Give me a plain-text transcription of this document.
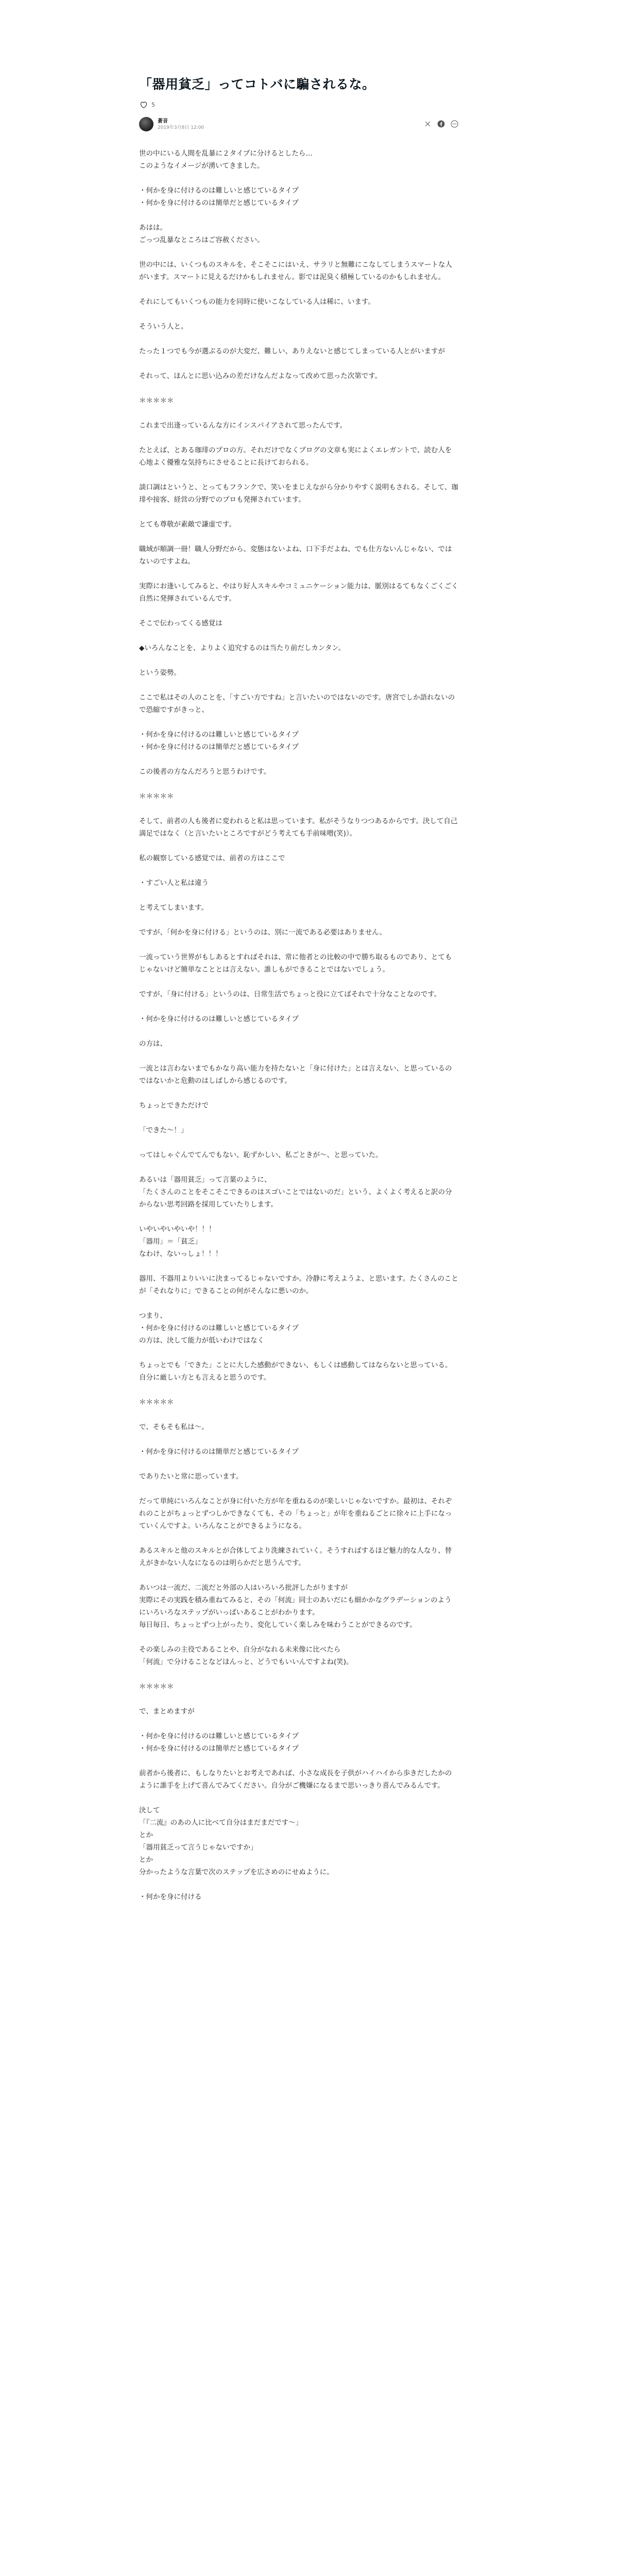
「器用貧乏」ってコトバに騙されるな。
5
蒼音
2019年3月8日 12:00

世の中にいる人間を乱暴に２タイプに分けるとしたら…
このようなイメージが湧いてきました。

・何かを身に付けるのは難しいと感じているタイプ
・何かを身に付けるのは簡単だと感じているタイプ

あはは。
ごっつ乱暴なところはご容赦ください。

世の中には、いくつものスキルを、そこそこにはいえ、サラリと無難にこなしてしまうスマートな人がいます。スマートに見えるだけかもしれません。影では泥臭く積極しているのかもしれません。

それにしてもいくつもの能力を同時に使いこなしている人は稀に、います。

そういう人と。

たった１つでも今が選ぶるのが大変だ、難しい、ありえないと感じてしまっている人とがいますが

それって、ほんとに思い込みの差だけなんだよなって改めて思った次第です。

＊＊＊＊＊

これまで出逢っているんな方にインスパイアされて思ったんです。

たとえば、とある珈琲のプロの方。それだけでなくブログの文章も実によくエレガントで、読む人を心地よく優雅な気持ちにさせることに長けておられる。

談口調はというと、とってもフランクで、笑いをまじえながら分かりやすく説明もされる。そして、珈琲や接客、経営の分野でのプロも発揮されています。

とても尊敬が素敵で謙虚です。

職域が順調一冊！職人分野だから、変態はないよね、口下手だよね、でも仕方ないんじゃない、ではないのですよね。

実際にお逢いしてみると、やはり好人スキルやコミュニケーション能力は、脈別はるてもなくごくごく自然に発揮されているんです。

そこで伝わってくる感覚は

◆いろんなことを、よりよく追究するのは当たり前だしカンタン。

という姿勢。

ここで私はその人のことを、「すごい方ですね」と言いたいのではないのです。唐宮でしか語れないので恐縮ですがきっと、

・何かを身に付けるのは難しいと感じているタイプ
・何かを身に付けるのは簡単だと感じているタイプ

この後者の方なんだろうと思うわけです。

＊＊＊＊＊

そして、前者の人も後者に変われると私は思っています。私がそうなりつつあるからです。決して自己満足ではなく（と言いたいところですがどう考えても手前味噌(笑)）。

私の観察している感覚では、前者の方はここで

・すごい人と私は違う

と考えてしまいます。

ですが、「何かを身に付ける」というのは、別に一流である必要はありません。

一流っていう世界がもしあるとすればそれは、常に他者との比較の中で勝ち取るものであり、とてもじゃないけど簡単なこととは言えない。誰しもができることではないでしょう。

ですが、「身に付ける」というのは、日常生活でちょっと役に立てばそれで十分なことなのです。

・何かを身に付けるのは難しいと感じているタイプ

の方は、

一流とは言わないまでもかなり高い能力を持たないと「身に付けた」とは言えない、と思っているのではないかと危動のはしばしから感じるのです。

ちょっとできただけで

「できた〜！」

ってはしゃぐんでてんでもない、恥ずかしい、私ごときが〜、と思っていた。

あるいは「器用貧乏」って言葉のように、
「たくさんのことをそこそこできるのはスゴいことではないのだ」という、よくよく考えると訳の分からない思考回路を採用していたりします。

いやいやいやいや！！！
「器用」＝「貧乏」
なわけ、ないっしょ！！！

器用、不器用よりいいに決まってるじゃないですか。冷静に考えようよ、と思います。たくさんのことが「それなりに」できることの何がそんなに悪いのか。

つまり、
・何かを身に付けるのは難しいと感じているタイプ
の方は、決して能力が低いわけではなく

ちょっとでも「できた」ことに大した感動ができない、もしくは感動してはならないと思っている。自分に厳しい方とも言えると思うのです。

＊＊＊＊＊

で、そもそも私は〜。

・何かを身に付けるのは簡単だと感じているタイプ

でありたいと常に思っています。

だって単純にいろんなことが身に付いた方が年を重ねるのが楽しいじゃないですか。最初は、それぞれのことがちょっとずつしかできなくても、その「ちょっと」が年を重ねるごとに徐々に上手になっていくんですよ。いろんなことができるようになる。

あるスキルと他のスキルとが合体してより洗練されていく。そうすればするほど魅力的な人なり、替えがきかない人なになるのは明らかだと思うんです。

あいつは一流だ、二流だと外部の人はいろいろ批評したがりますが
実際にその実践を積み重ねてみると、その「何流」同士のあいだにも細かかなグラデーションのようにいろいろなステップがいっぱいあることがわかります。
毎日毎日、ちょっとずつ上がったり、変化していく楽しみを味わうことができるのです。

その楽しみの主役であることや、自分がなれる未来像に比べたら
「何流」で分けることなどほんっと、どうでもいいんですよね(笑)。

＊＊＊＊＊

で、まとめますが

・何かを身に付けるのは難しいと感じているタイプ
・何かを身に付けるのは簡単だと感じているタイプ

前者から後者に、もしなりたいとお考えであれば、小さな成長を子供がハイハイから歩きだしたかのように誰手を上げて喜んでみてください。自分がご機嫌になるまで思いっきり喜んでみるんです。

決して
「『二流』のあの人に比べて自分はまだまだです〜」
とか
「器用貧乏って言うじゃないですか」
とか
分かったような言葉で次のステップを広さめのにせぬように。

・何かを身に付ける
